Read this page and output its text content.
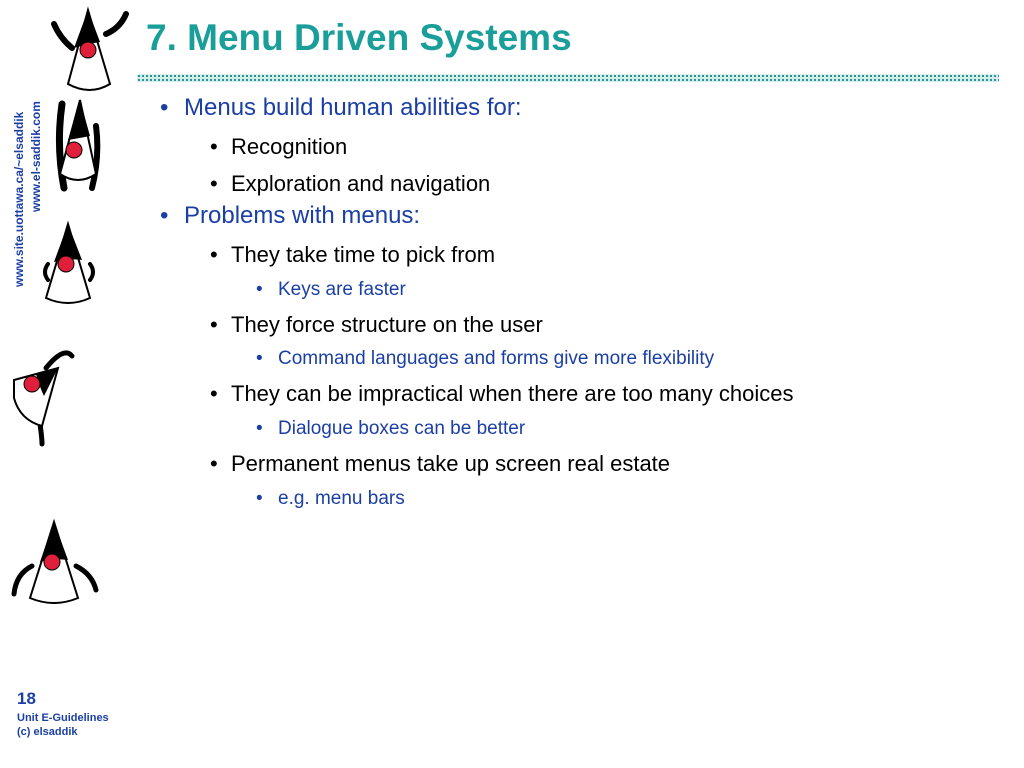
7. Menu Driven Systems
www.site.uottawa.ca/~elsaddik www.el-saddik.com	• Menus build human abilities for:
• Recognition
• Exploration and navigation
• Problems with menus:
• They take time to pick from
• Keys are faster
• They force structure on the user
• Command languages and forms give more flexibility
• They can be impractical when there are too many choices
• Dialogue boxes can be better
• Permanent menus take up screen real estate
• e.g. menu bars
18
Unit E-Guidelines
(c) elsaddik
